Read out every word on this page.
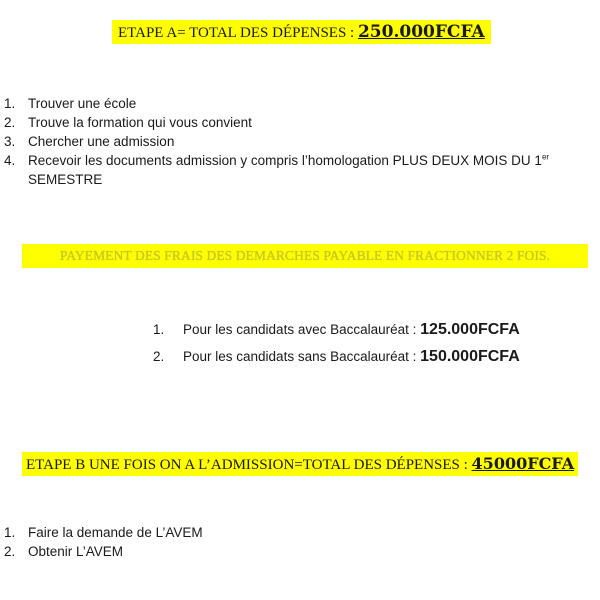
ETAPE A= TOTAL DES DÉPENSES : 250.000FCFA
1. Trouver une école
2. Trouve la formation qui vous convient
3. Chercher une admission
4. Recevoir les documents admission y compris l’homologation PLUS DEUX MOIS DU 1er
SEMESTRE
PAYEMENT DES FRAIS DES DEMARCHES PAYABLE EN FRACTIONNER 2 FOIS.
1. Pour les candidats avec Baccalauréat : 125.000FCFA
2. Pour les candidats sans Baccalauréat : 150.000FCFA
ETAPE B UNE FOIS ON A L’ADMISSION=TOTAL DES DÉPENSES : 45000FCFA
1. Faire la demande de L’AVEM
2. Obtenir L’AVEM
